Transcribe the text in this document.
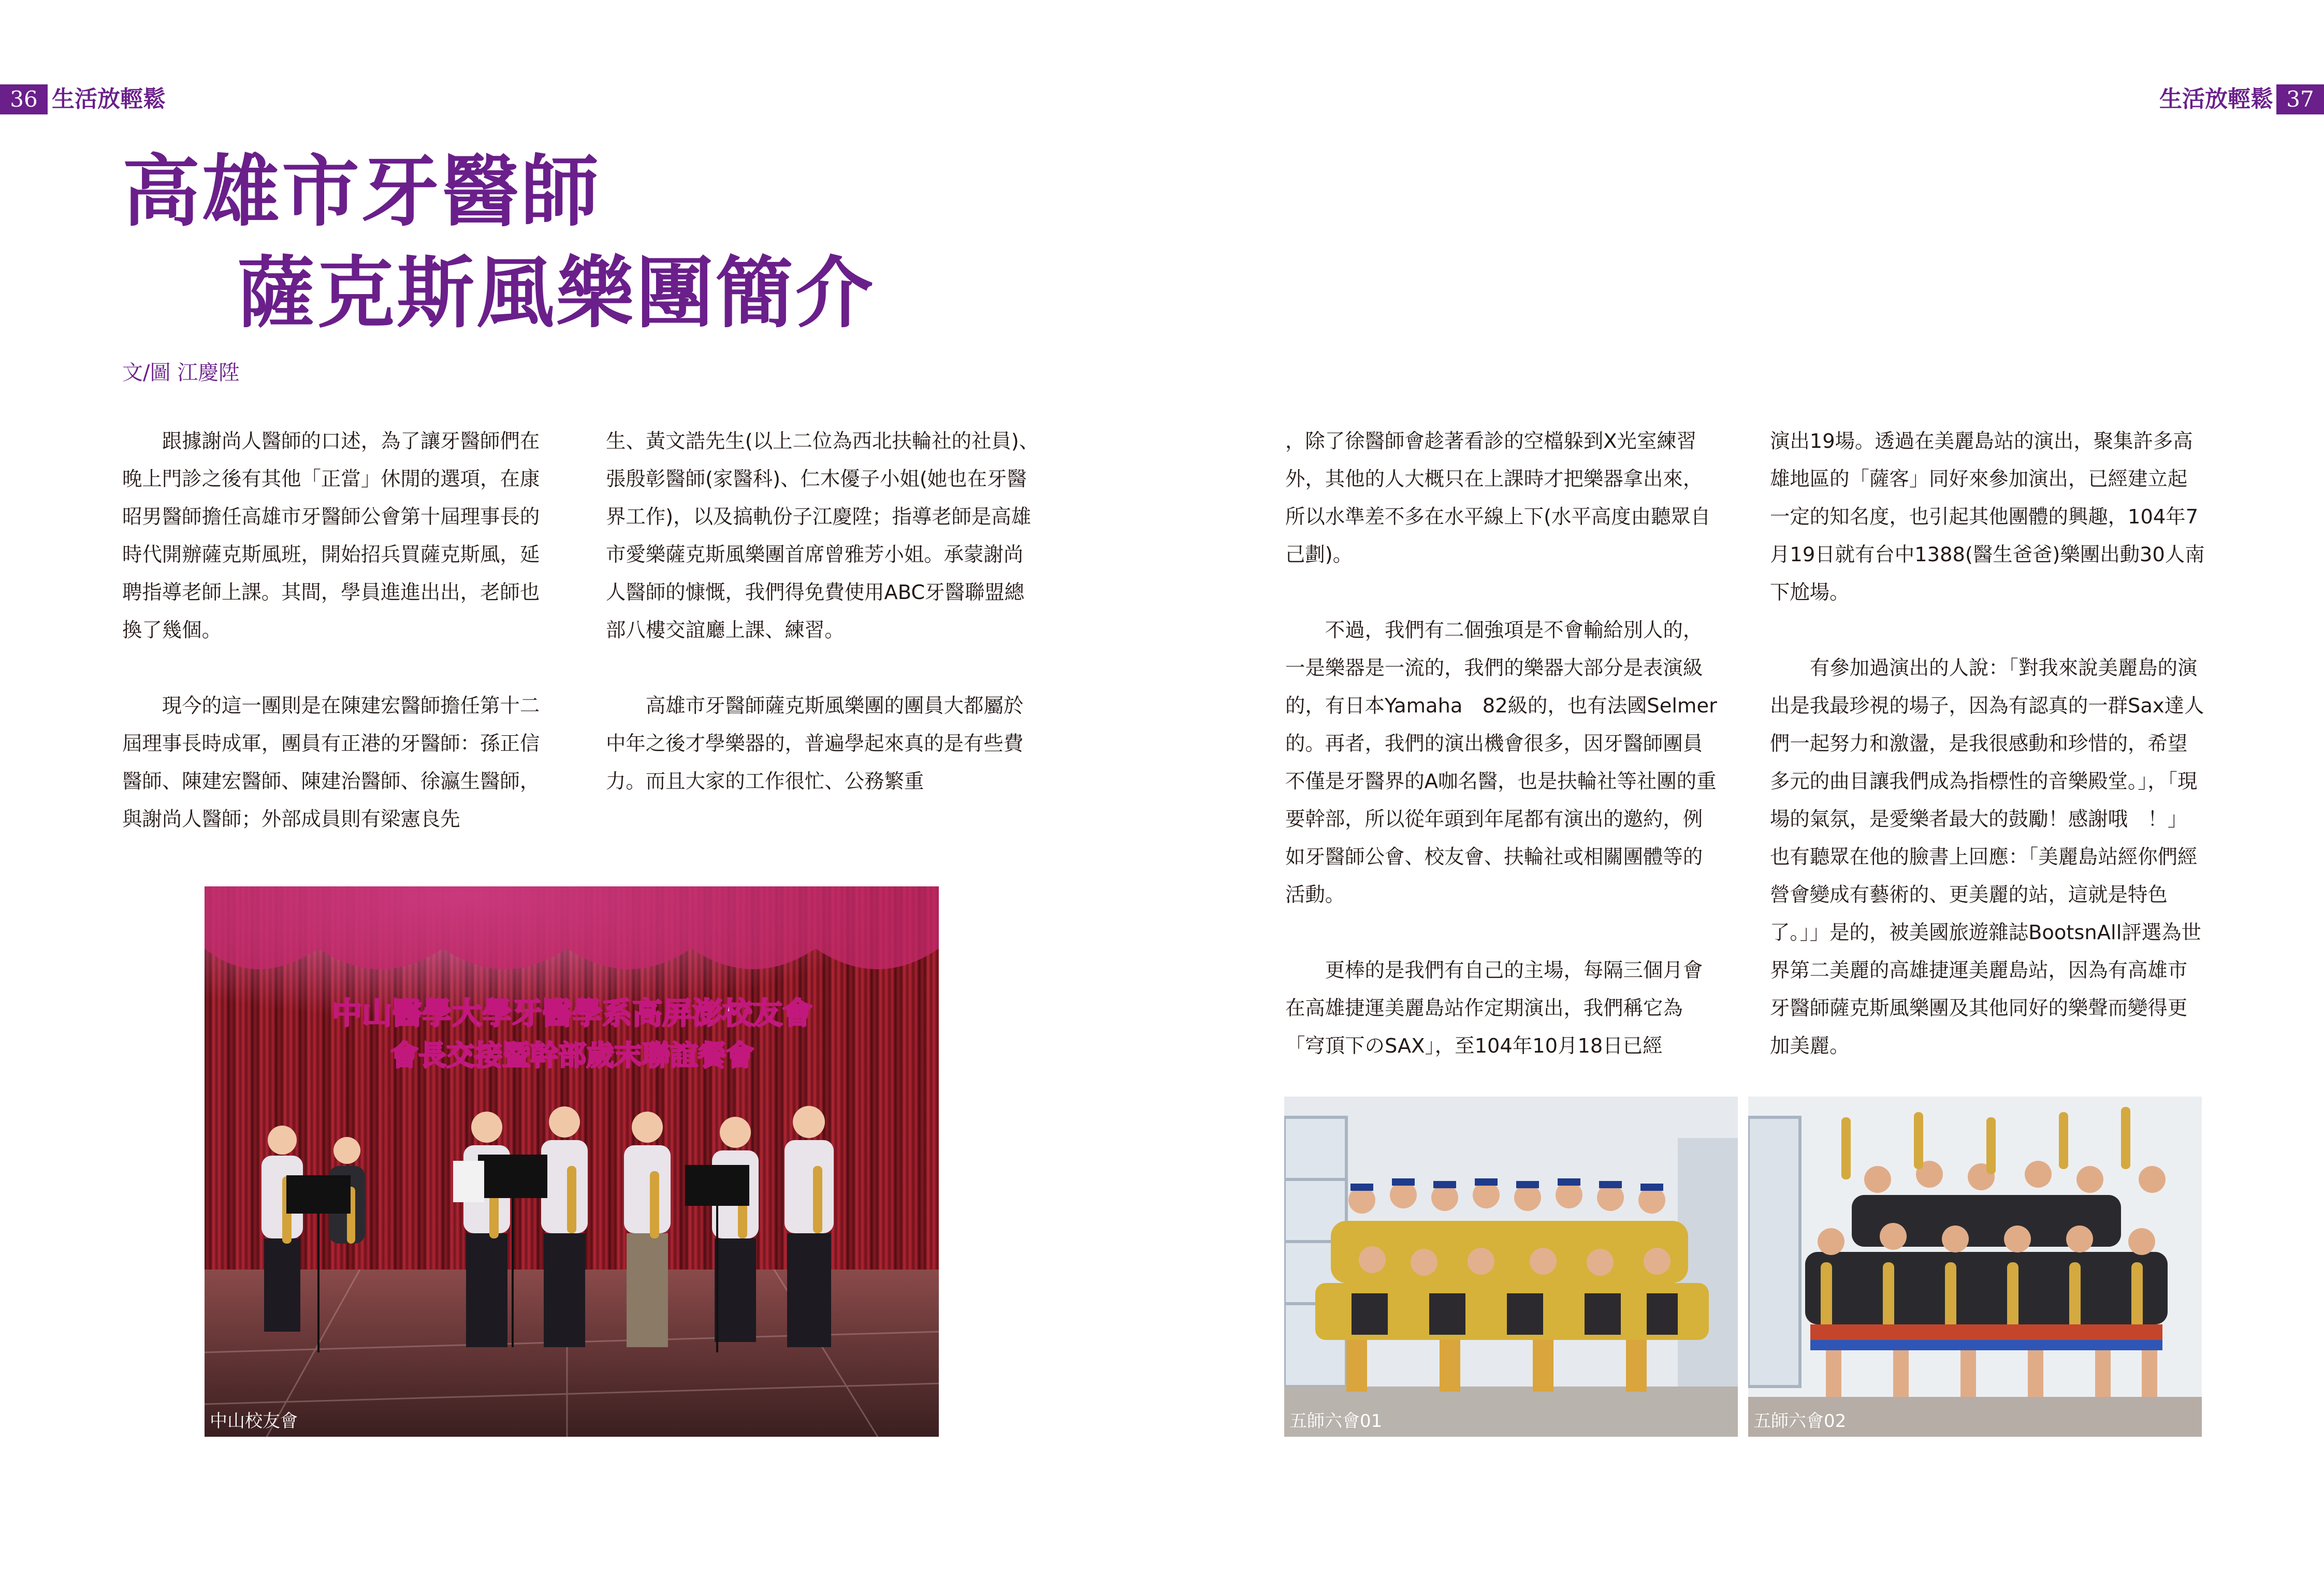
36 生活放輕鬆	生活放輕鬆 37
高雄市牙醫師
薩克斯風樂團簡介
文/圖 江慶陞

跟據謝尚人醫師的口述，為了讓牙醫師們在晚上門診之後有其他「正當」休閒的選項，在康昭男醫師擔任高雄市牙醫師公會第十屆理事長的時代開辦薩克斯風班，開始招兵買薩克斯風，延聘指導老師上課。其間，學員進進出出，老師也換了幾個。

現今的這一團則是在陳建宏醫師擔任第十二屆理事長時成軍，團員有正港的牙醫師：孫正信醫師、陳建宏醫師、陳建治醫師、徐瀛生醫師，與謝尚人醫師；外部成員則有梁憲良先

生、黃文誥先生(以上二位為西北扶輪社的社員)、張殷彰醫師(家醫科)、仁木優子小姐(她也在牙醫界工作)，以及搞軌份子江慶陞；指導老師是高雄市愛樂薩克斯風樂團首席曾雅芳小姐。承蒙謝尚人醫師的慷慨，我們得免費使用ABC牙醫聯盟總部八樓交誼廳上課、練習。

高雄市牙醫師薩克斯風樂團的團員大都屬於中年之後才學樂器的，普遍學起來真的是有些費力。而且大家的工作很忙、公務繁重

，除了徐醫師會趁著看診的空檔躲到X光室練習外，其他的人大概只在上課時才把樂器拿出來，所以水準差不多在水平線上下(水平高度由聽眾自己劃)。

不過，我們有二個強項是不會輸給別人的，一是樂器是一流的，我們的樂器大部分是表演級的，有日本Yamaha　82級的，也有法國Selmer的。再者，我們的演出機會很多，因牙醫師團員不僅是牙醫界的A咖名醫，也是扶輪社等社團的重要幹部，所以從年頭到年尾都有演出的邀約，例如牙醫師公會、校友會、扶輪社或相關團體等的活動。

更棒的是我們有自己的主場，每隔三個月會在高雄捷運美麗島站作定期演出，我們稱它為「穹頂下のSAX」，至104年10月18日已經

演出19場。透過在美麗島站的演出，聚集許多高雄地區的「薩客」同好來參加演出，已經建立起一定的知名度，也引起其他團體的興趣，104年7月19日就有台中1388(醫生爸爸)樂團出動30人南下尬場。

有參加過演出的人說：「對我來說美麗島的演出是我最珍視的場子，因為有認真的一群Sax達人們一起努力和激盪，是我很感動和珍惜的，希望多元的曲目讓我們成為指標性的音樂殿堂。」，「現場的氣氛，是愛樂者最大的鼓勵！感謝哦　！」也有聽眾在他的臉書上回應：「美麗島站經你們經營會變成有藝術的、更美麗的站，這就是特色了。」」是的，被美國旅遊雜誌BootsnAll評選為世界第二美麗的高雄捷運美麗島站，因為有高雄市牙醫師薩克斯風樂團及其他同好的樂聲而變得更加美麗。

中山醫學大學牙醫學系高屏澎校友會
會長交接暨幹部歲末聯誼餐會
中山校友會	五師六會01	五師六會02
